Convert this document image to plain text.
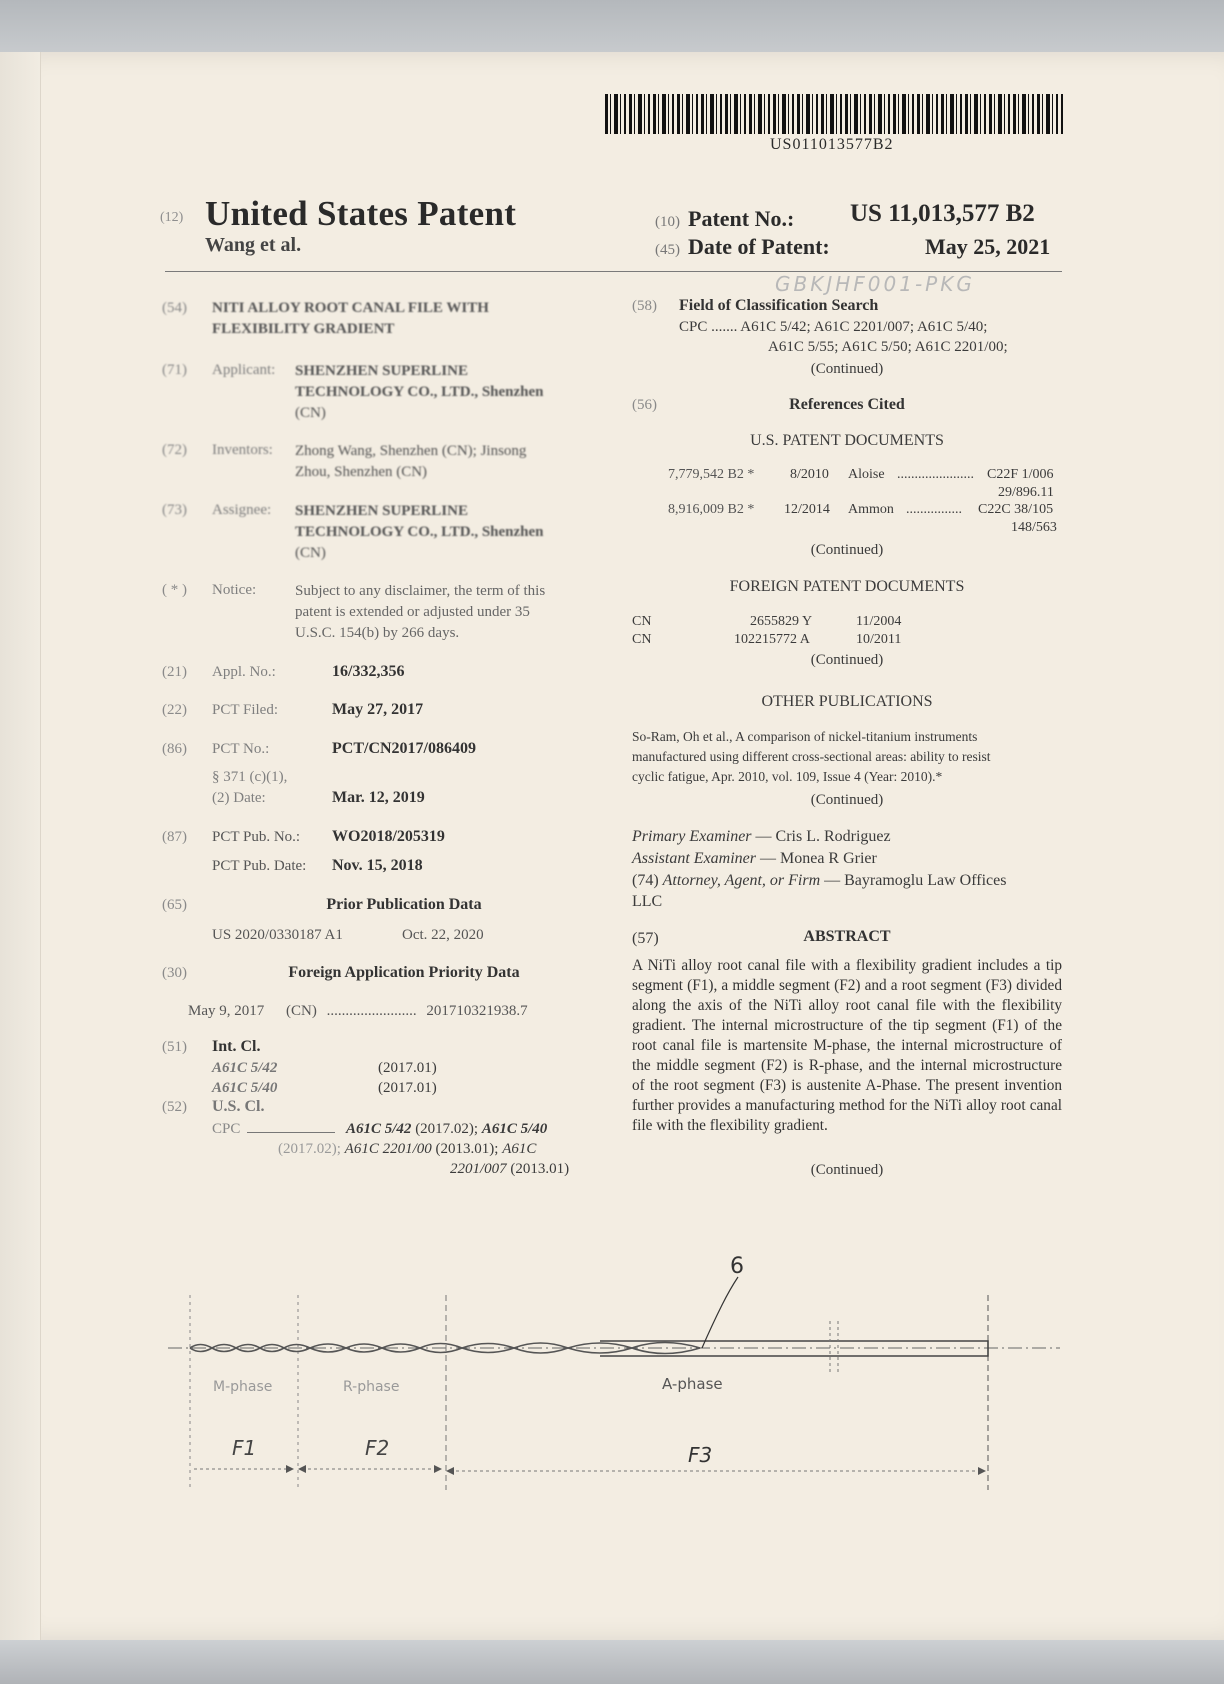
US011013577B2
(12) United States Patent
Wang et al.
(10) Patent No.: US 11,013,577 B2
(45) Date of Patent:	May 25, 2021
GBKJHF001-PKG
(54) NITI ALLOY ROOT CANAL FILE WITH
FLEXIBILITY GRADIENT
(71) Applicant: SHENZHEN SUPERLINE
TECHNOLOGY CO., LTD., Shenzhen
(CN)
(72) Inventors: Zhong Wang, Shenzhen (CN); Jinsong
Zhou, Shenzhen (CN)
(73) Assignee: SHENZHEN SUPERLINE
TECHNOLOGY CO., LTD., Shenzhen
(CN)
( * ) Notice:	Subject to any disclaimer, the term of this
patent is extended or adjusted under 35
U.S.C. 154(b) by 266 days.
(21) Appl. No.:	16/332,356
(22) PCT Filed:	May 27, 2017
(86) PCT No.:	PCT/CN2017/086409
§ 371 (c)(1),
(2) Date:	Mar. 12, 2019
(87) PCT Pub. No.: WO2018/205319
PCT Pub. Date: Nov. 15, 2018
(65)	Prior Publication Data
US 2020/0330187 A1	Oct. 22, 2020
(30)	Foreign Application Priority Data
May 9, 2017 (CN) ........................ 201710321938.7
(51) Int. Cl.
A61C 5/42	(2017.01)
A61C 5/40	(2017.01)
(52) U.S. Cl.
CPC	A61C 5/42 (2017.02); A61C 5/40
(2017.02); A61C 2201/00 (2013.01); A61C
2201/007 (2013.01)
(58) Field of Classification Search
CPC ....... A61C 5/42; A61C 2201/007; A61C 5/40;
A61C 5/55; A61C 5/50; A61C 2201/00;
(Continued)
(56)	References Cited
U.S. PATENT DOCUMENTS
7,779,542 B2 *	8/2010 Aloise ...................... C22F 1/006
29/896.11
8,916,009 B2 * 12/2014 Ammon ................ C22C 38/105
148/563
(Continued)
FOREIGN PATENT DOCUMENTS
CN	2655829 Y	11/2004
CN	102215772 A	10/2011
(Continued)
OTHER PUBLICATIONS
So-Ram, Oh et al., A comparison of nickel-titanium instruments
manufactured using different cross-sectional areas: ability to resist
cyclic fatigue, Apr. 2010, vol. 109, Issue 4 (Year: 2010).*
(Continued)
Primary Examiner — Cris L. Rodriguez
Assistant Examiner — Monea R Grier
(74) Attorney, Agent, or Firm — Bayramoglu Law Offices
LLC
(57)	ABSTRACT
A NiTi alloy root canal file with a flexibility gradient includes a tip segment (F1), a middle segment (F2) and a root segment (F3) divided along the axis of the NiTi alloy root canal file with the flexibility gradient. The internal microstructure of the tip segment (F1) of the root canal file is martensite M-phase, the internal microstructure of the middle segment (F2) is R-phase, and the internal microstructure of the root segment (F3) is austenite A-Phase. The present invention further provides a manufacturing method for the NiTi alloy root canal file with the flexibility gradient.
(Continued)
6
M-phase	R-phase	A-phase
F1	F2	F3
